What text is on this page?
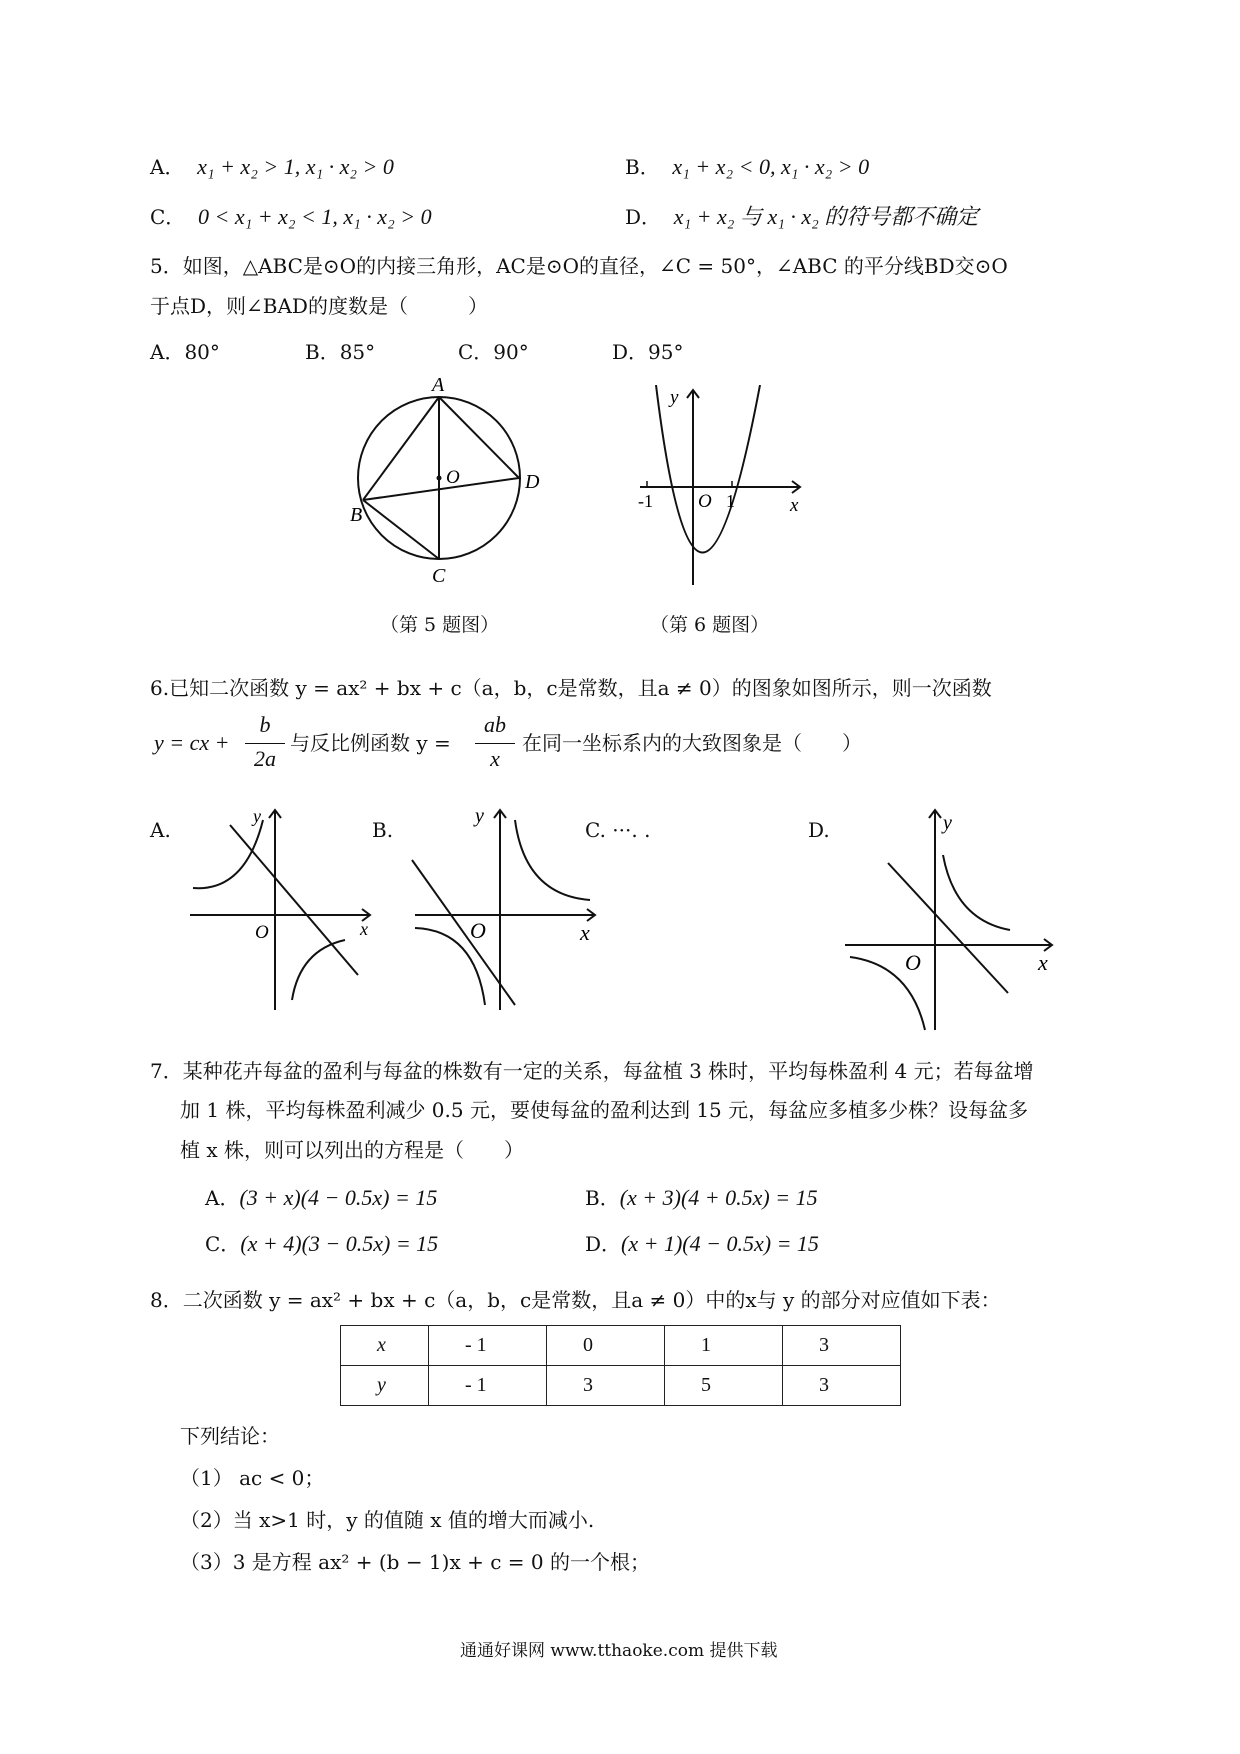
A． x₁ + x₂ > 1, x₁ · x₂ > 0	B． x₁ + x₂ < 0, x₁ · x₂ > 0
C． 0 < x₁ + x₂ < 1, x₁ · x₂ > 0	D． x₁ + x₂ 与 x₁ · x₂ 的符号都不确定
5．如图，△ABC是⊙O的内接三角形，AC是⊙O的直径，∠C = 50°，∠ABC 的平分线BD交⊙O
于点D，则∠BAD的度数是（　　　）
A．80°	B．85°	C．90°	D．95°
A
B
C
D
O
y
x
-1 O 1
（第 5 题图）	（第 6 题图）
6.已知二次函数 y = ax² + bx + c（a，b，c是常数，且a ≠ 0）的图象如图所示，则一次函数
y = cx +
b
2a
与反比例函数 y =
ab
x
在同一坐标系内的大致图象是（　　）
A.
y
x
O
B.
y
x
O
C. ···. .	D.	y
x
O
7．某种花卉每盆的盈利与每盆的株数有一定的关系，每盆植 3 株时，平均每株盈利 4 元；若每盆增
加 1 株，平均每株盈利减少 0.5 元，要使每盆的盈利达到 15 元，每盆应多植多少株？设每盆多
植 x 株，则可以列出的方程是（　　）
A．(3 + x)(4 − 0.5x) = 15	B．(x + 3)(4 + 0.5x) = 15
C．(x + 4)(3 − 0.5x) = 15	D．(x + 1)(4 − 0.5x) = 15
8．二次函数 y = ax² + bx + c（a，b，c是常数，且a ≠ 0）中的x与 y 的部分对应值如下表：
x	- 1	0	1	3
y	- 1	3	5	3
下列结论：
（1） ac < 0；
（2）当 x>1 时，y 的值随 x 值的增大而减小.
（3）3 是方程 ax² + (b − 1)x + c = 0 的一个根；
通通好课网 www.tthaoke.com 提供下载
